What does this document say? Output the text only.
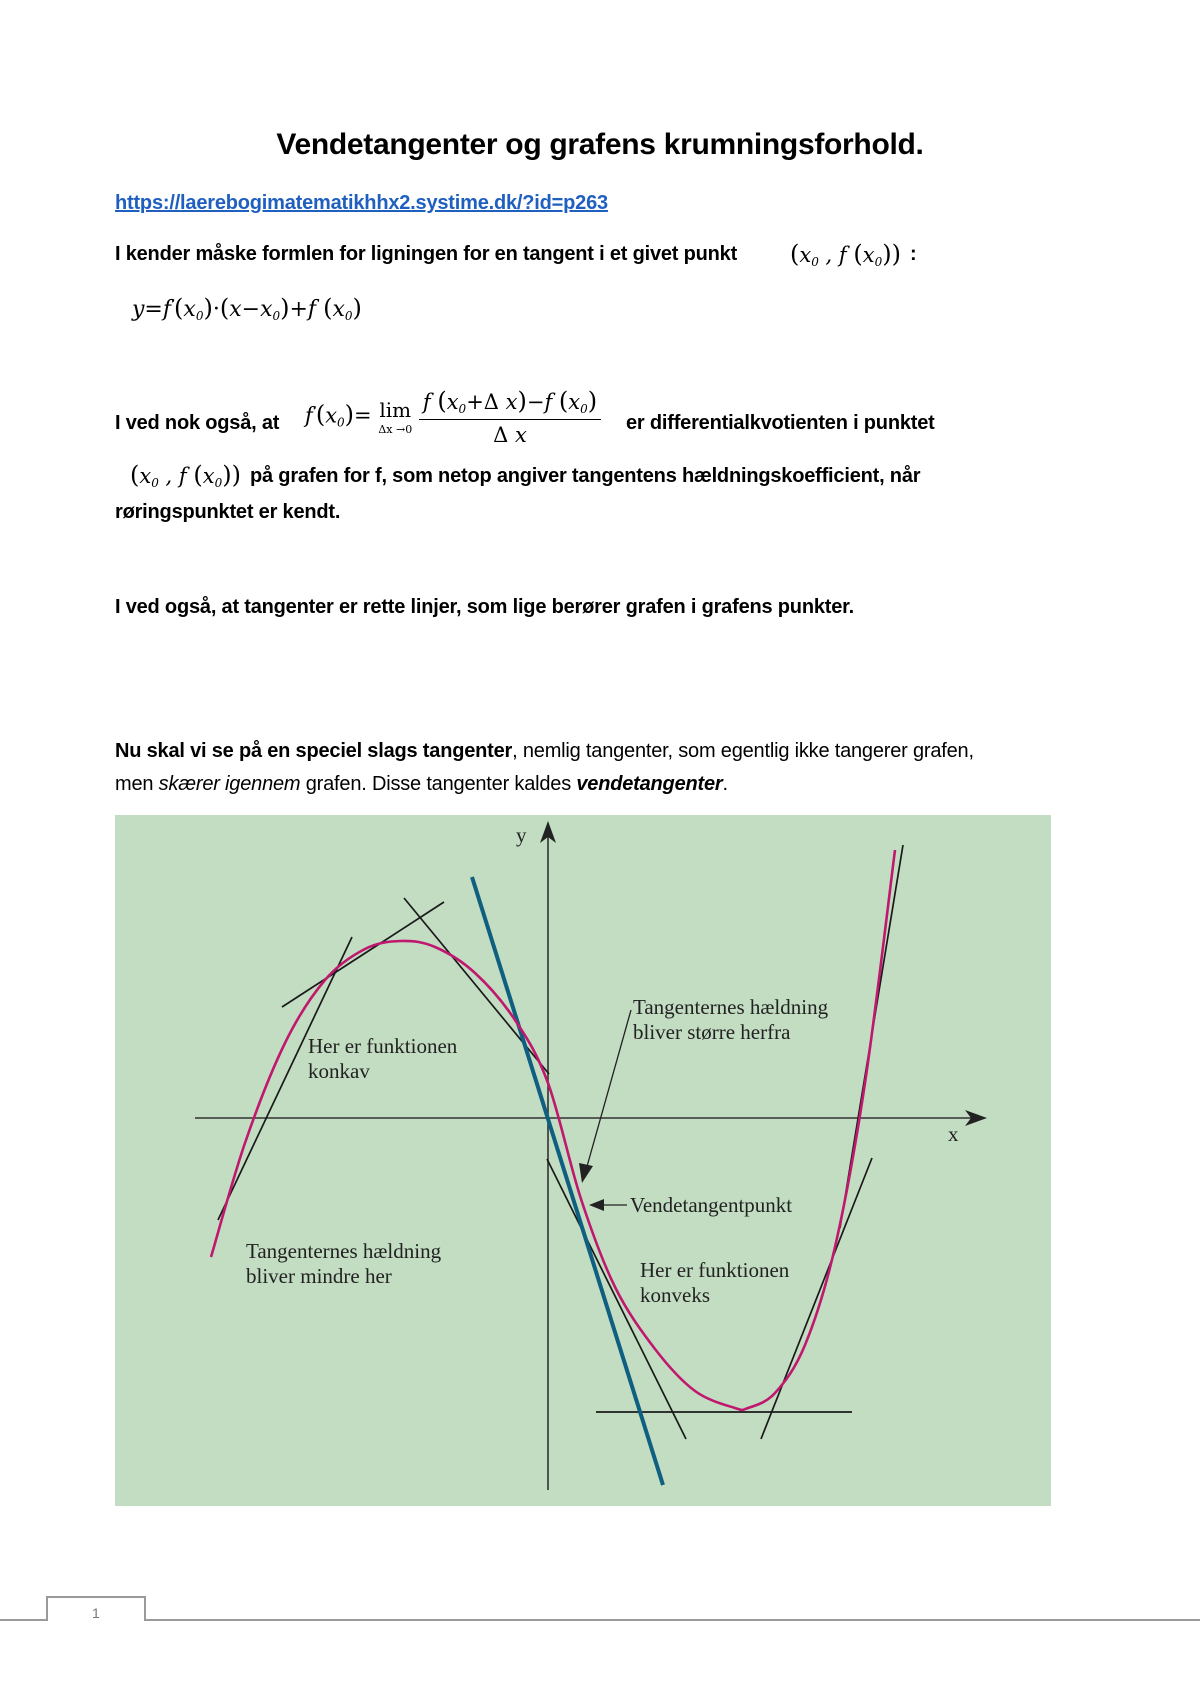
Vendetangenter og grafens krumningsforhold.
https://laerebogimatematikhhx2.systime.dk/?id=p263
I kender måske formlen for ligningen for en tangent i et givet punkt ($x_0$ , f $(x_0)$) :
$y=f'(x_0)\cdot(x-x_0)+f$ $(x_0)$
I ved nok også, at $f'(x_0)= \lim$
Δx →0
$\frac{f (x_0+\Delta x)-f (x_0)}{\text{Δ x}}$ er differentialkvotienten i punktet
($x_0$ , f $(x_0)$) på grafen for f, som netop angiver tangentens hældningskoefficient, når
røringspunktet er kendt.
I ved også, at tangenter er rette linjer, som lige berører grafen i grafens punkter.
Nu skal vi se på en speciel slags tangenter, nemlig tangenter, som egentlig ikke tangerer grafen,
men skærer igennem grafen. Disse tangenter kaldes vendetangenter.
y
x
Her er funktionen konkav
Tangenternes hældning bliver mindre her
Tangenternes hældning bliver større herfra
Vendetangentpunkt
Her er funktionen konveks
1
